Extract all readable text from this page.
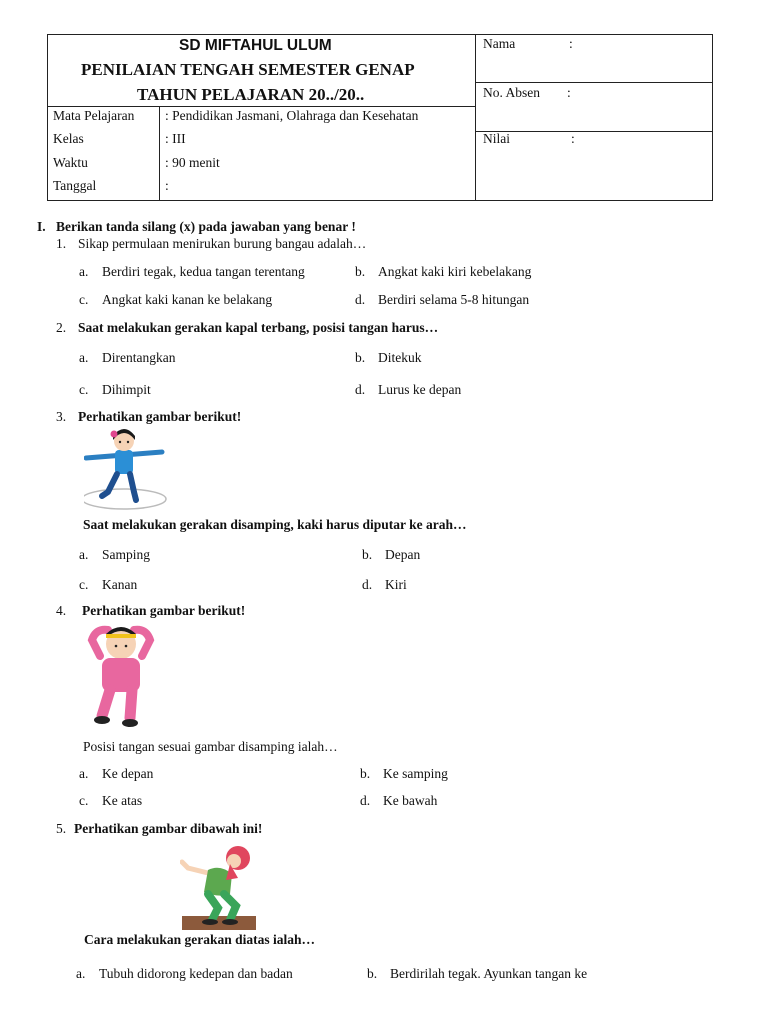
SD MIFTAHUL ULUM
PENILAIAN TENGAH SEMESTER GENAP
TAHUN PELAJARAN 20../20..
Mata Pelajaran : Pendidikan Jasmani, Olahraga dan Kesehatan
Kelas	: III
Waktu	: 90 menit
Tanggal	:
Nama	:
No. Absen :
Nilai	:
I. Berikan tanda silang (x) pada jawaban yang benar !
1. Sikap permulaan menirukan burung bangau adalah…
a. Berdiri tegak, kedua tangan terentang	b. Angkat kaki kiri kebelakang
c. Angkat kaki kanan ke belakang	d. Berdiri selama 5-8 hitungan
2. Saat melakukan gerakan kapal terbang, posisi tangan harus…
a. Direntangkan	b. Ditekuk
c. Dihimpit	d. Lurus ke depan
3. Perhatikan gambar berikut!
Saat melakukan gerakan disamping, kaki harus diputar ke arah…
a. Samping	b. Depan
c. Kanan	d. Kiri
4. Perhatikan gambar berikut!
Posisi tangan sesuai gambar disamping ialah…
a. Ke depan	b. Ke samping
c. Ke atas	d. Ke bawah
5. Perhatikan gambar dibawah ini!
Cara melakukan gerakan diatas ialah…
a. Tubuh didorong kedepan dan badan	b. Berdirilah tegak. Ayunkan tangan ke
